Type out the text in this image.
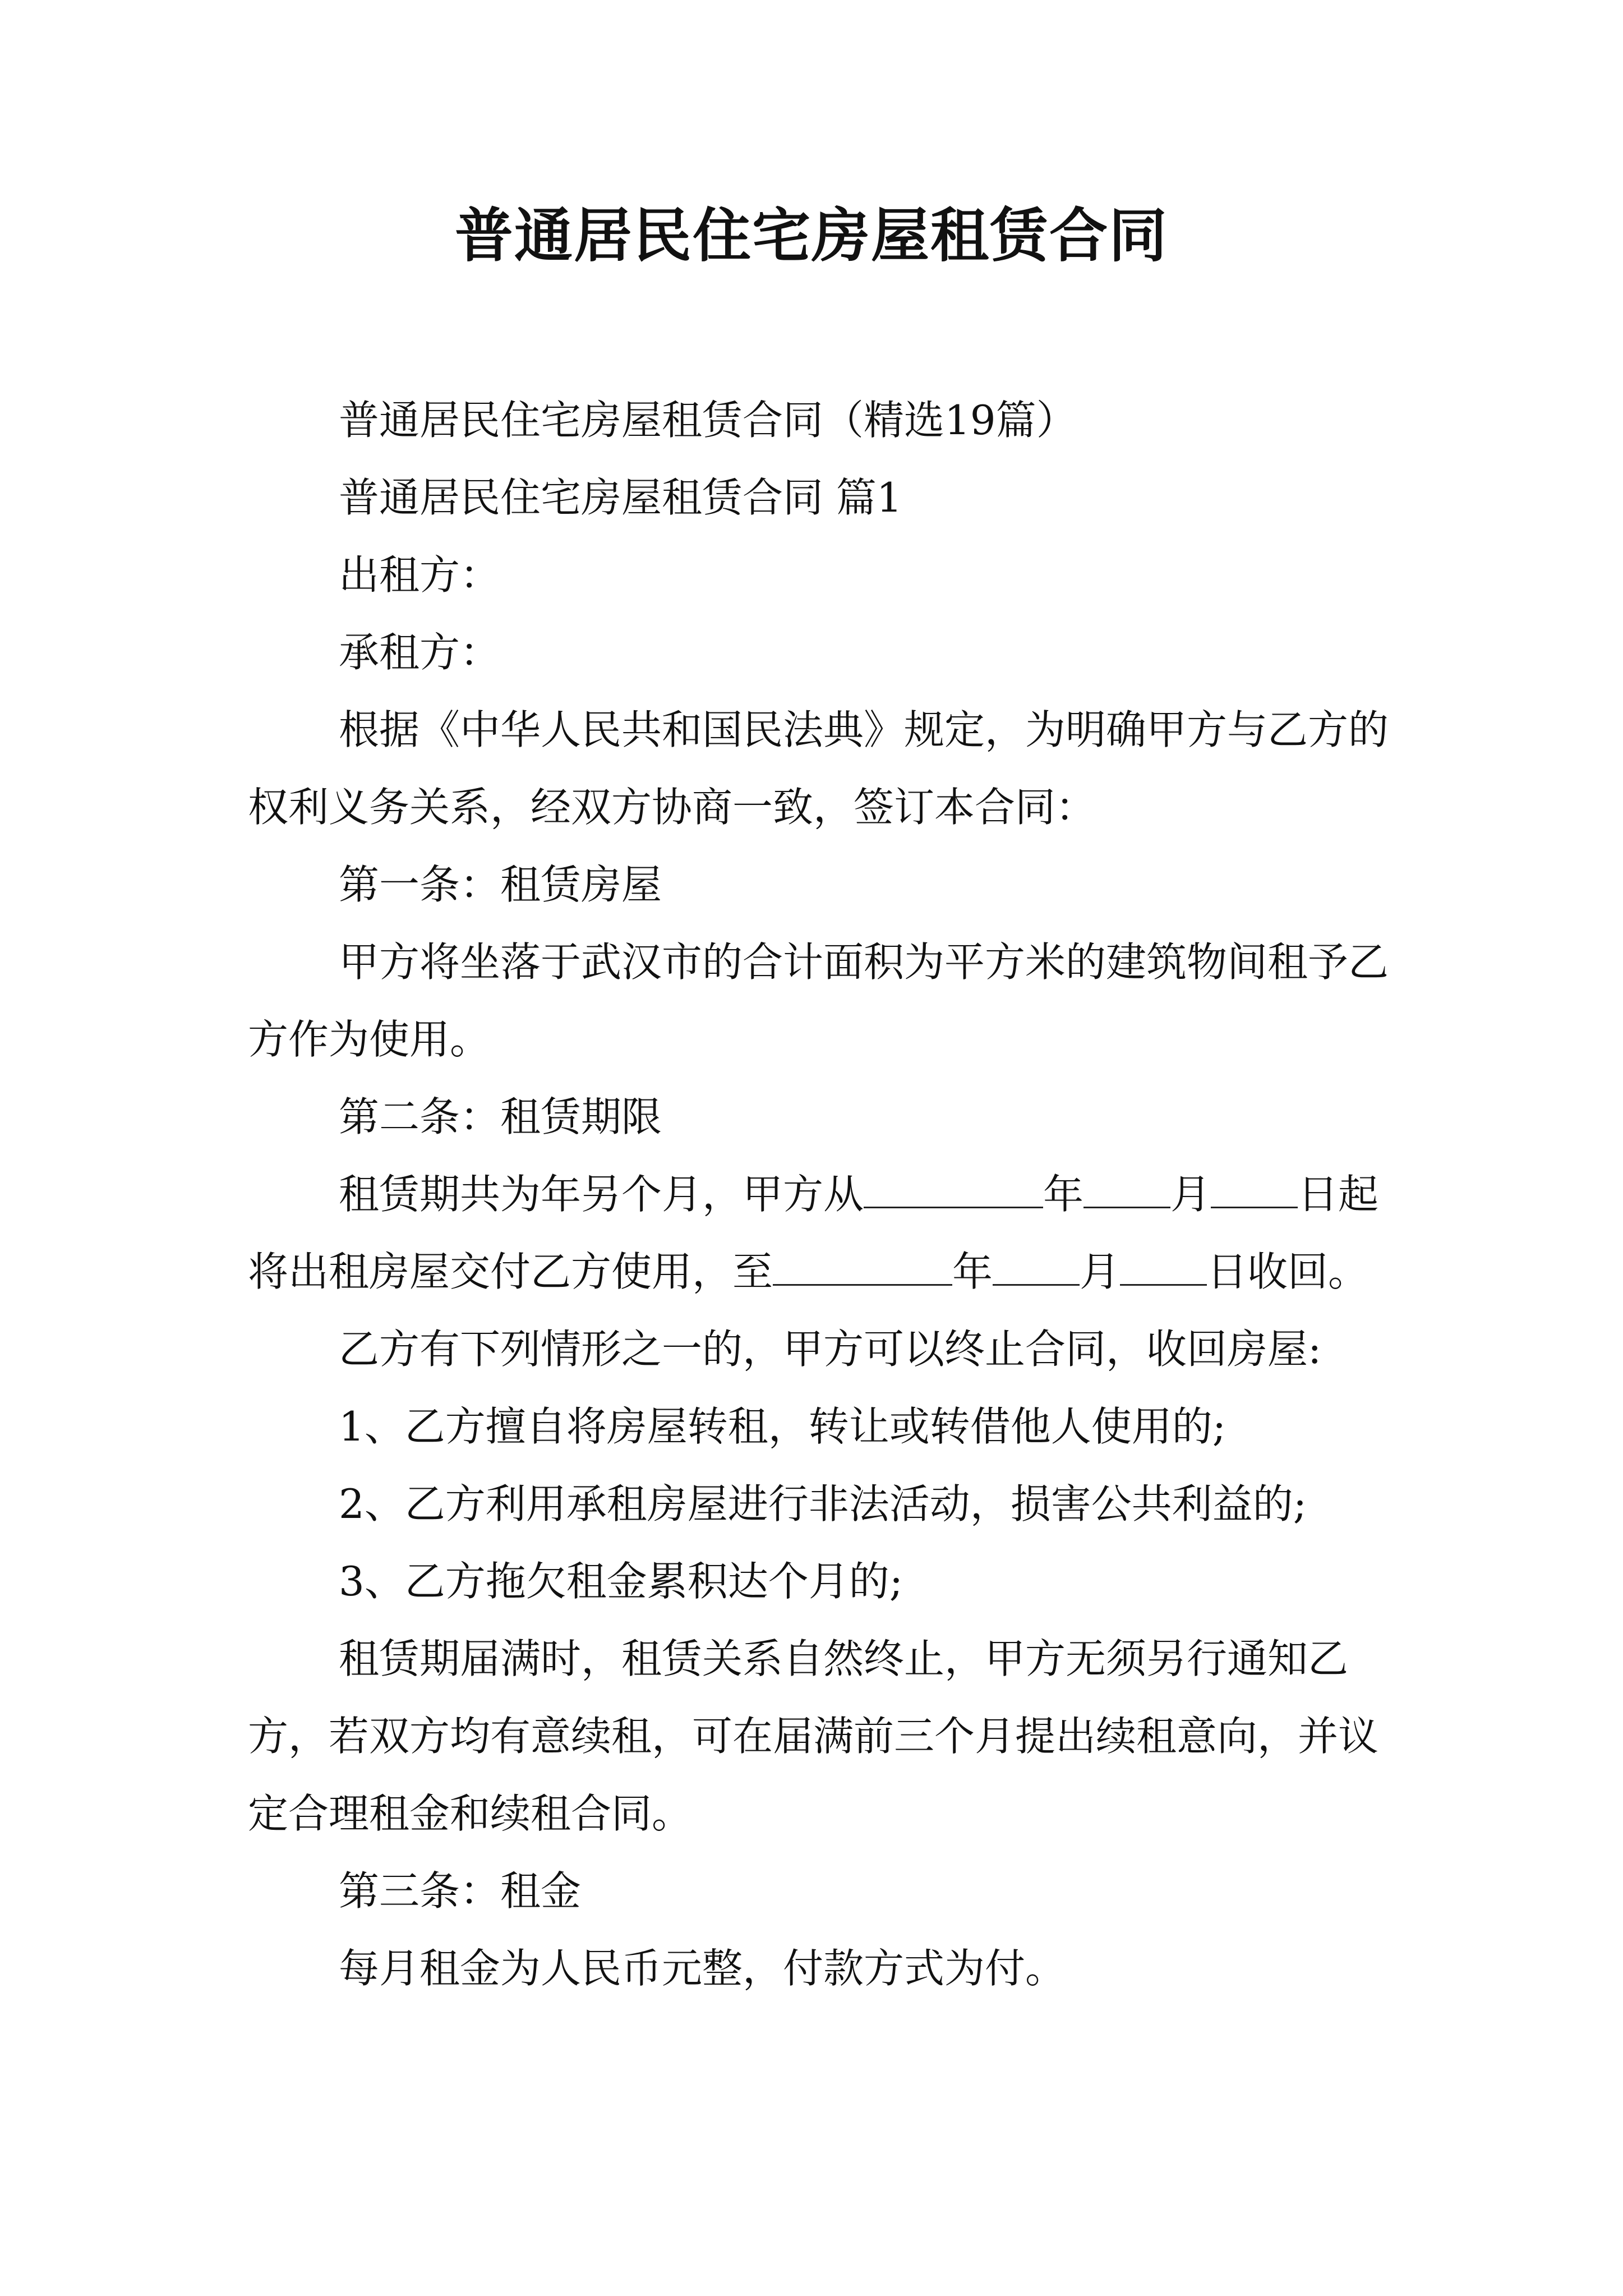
普通居民住宅房屋租赁合同

普通居民住宅房屋租赁合同（精选19篇）

普通居民住宅房屋租赁合同 篇1

出租方：

承租方：

根据《中华人民共和国民法典》规定，为明确甲方与乙方的权利义务关系，经双方协商一致，签订本合同：

第一条：租赁房屋

甲方将坐落于武汉市的合计面积为平方米的建筑物间租予乙方作为使用。

第二条：租赁期限

租赁期共为年另个月，甲方从	年 月 日起将出租房屋交付乙方使用，至	年 月 日收回。

乙方有下列情形之一的，甲方可以终止合同，收回房屋:

1、乙方擅自将房屋转租，转让或转借他人使用的;

2、乙方利用承租房屋进行非法活动，损害公共利益的;

3、乙方拖欠租金累积达个月的;

租赁期届满时，租赁关系自然终止，甲方无须另行通知乙方，若双方均有意续租，可在届满前三个月提出续租意向，并议定合理租金和续租合同。

第三条：租金

每月租金为人民币元整，付款方式为付。
